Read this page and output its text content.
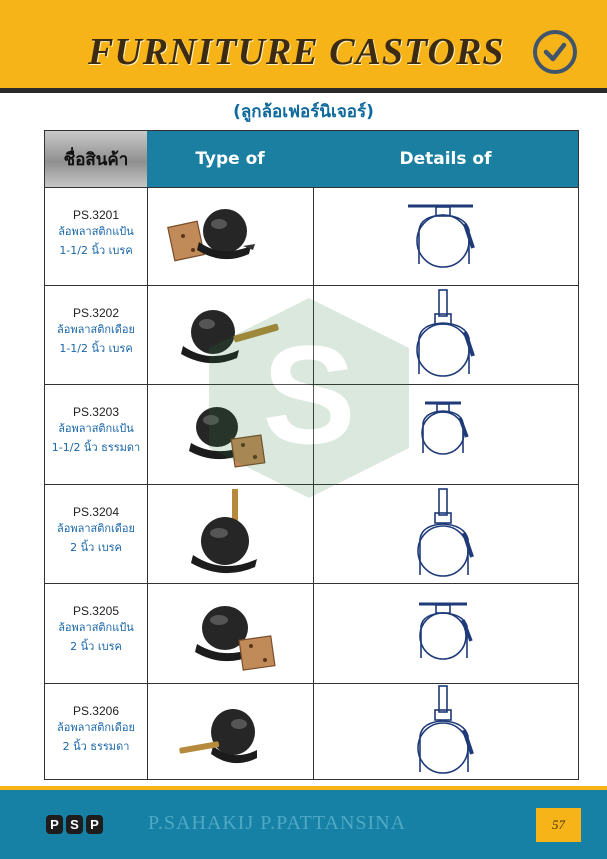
FURNITURE CASTORS
(ลูกล้อเฟอร์นิเจอร์)
ชื่อสินค้า	Type of	Details of
PS.3201
ล้อพลาสติกแป้น
1-1/2 นิ้ว เบรค
PS.3202
ล้อพลาสติกเดือย
1-1/2 นิ้ว เบรค
PS.3203
ล้อพลาสติกแป้น
1-1/2 นิ้ว ธรรมดา
PS.3204
ล้อพลาสติกเดือย
2 นิ้ว เบรค
PS.3205
ล้อพลาสติกแป้น
2 นิ้ว เบรค
PS.3206
ล้อพลาสติกเดือย
2 นิ้ว ธรรมดา
S
P S P P.SAHAKIJ P.PATTANSINA	57
